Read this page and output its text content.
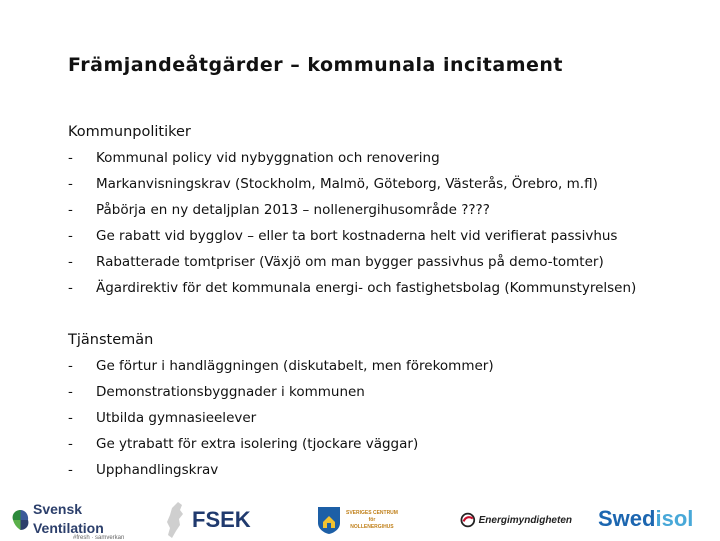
Främjandeåtgärder – kommunala incitament
Kommunpolitiker
- Kommunal policy vid nybyggnation och renovering
- Markanvisningskrav (Stockholm, Malmö, Göteborg, Västerås, Örebro, m.fl)
- Påbörja en ny detaljplan 2013 – nollenergihusområde ????
- Ge rabatt vid bygglov – eller ta bort kostnaderna helt vid verifierat passivhus
- Rabatterade tomtpriser (Växjö om man bygger passivhus på demo-tomter)
- Ägardirektiv för det kommunala energi- och fastighetsbolag (Kommunstyrelsen)
Tjänstemän
- Ge förtur i handläggningen (diskutabelt, men förekommer)
- Demonstrationsbyggnader i kommunen
- Utbilda gymnasieelever
- Ge ytrabatt för extra isolering (tjockare väggar)
- Upphandlingskrav
Svensk Ventilation
#fresh · samverkan
FSEK	SVERIGES CENTRUM
för
NOLLENERGIHUS
Energimyndigheten Swedisol
